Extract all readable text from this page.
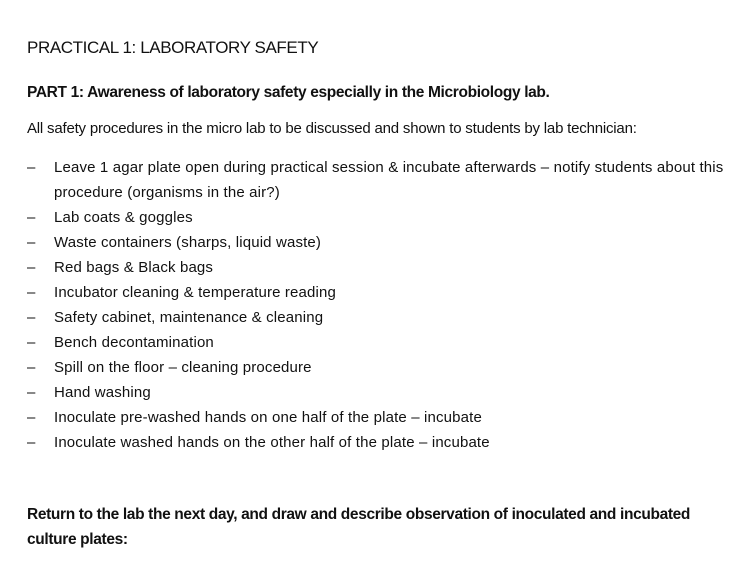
PRACTICAL 1: LABORATORY SAFETY
PART 1: Awareness of laboratory safety especially in the Microbiology lab.
All safety procedures in the micro lab to be discussed and shown to students by lab technician:
– Leave 1 agar plate open during practical session & incubate afterwards – notify students about this procedure (organisms in the air?)
– Lab coats & goggles
– Waste containers (sharps, liquid waste)
– Red bags & Black bags
– Incubator cleaning & temperature reading
– Safety cabinet, maintenance & cleaning
– Bench decontamination
– Spill on the floor – cleaning procedure
– Hand washing
– Inoculate pre-washed hands on one half of the plate – incubate
– Inoculate washed hands on the other half of the plate – incubate
Return to the lab the next day, and draw and describe observation of inoculated and incubated culture plates:
